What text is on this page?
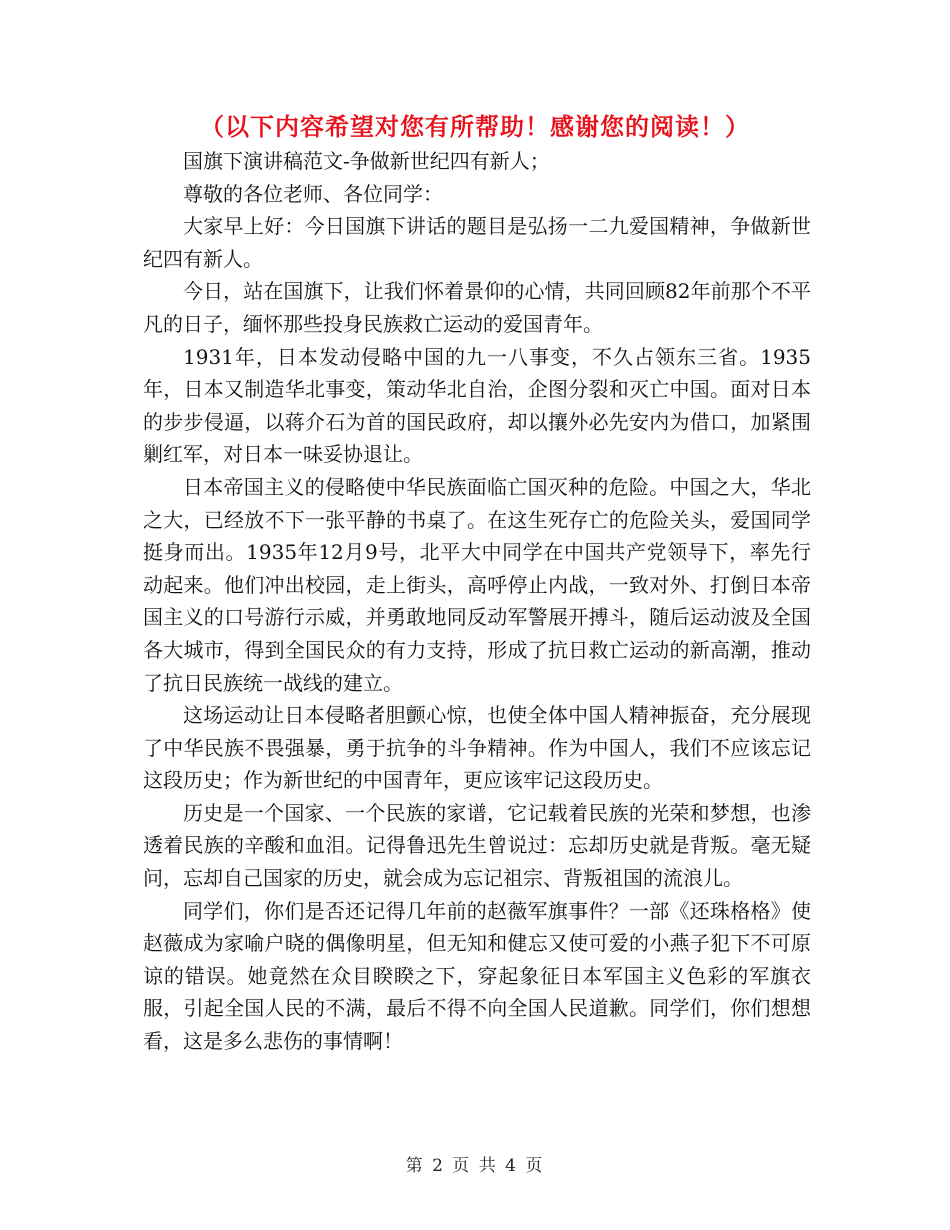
（以下内容希望对您有所帮助！感谢您的阅读！）

国旗下演讲稿范文-争做新世纪四有新人；

尊敬的各位老师、各位同学：

大家早上好：今日国旗下讲话的题目是弘扬一二九爱国精神，争做新世纪四有新人。

今日，站在国旗下，让我们怀着景仰的心情，共同回顾82年前那个不平凡的日子，缅怀那些投身民族救亡运动的爱国青年。

1931年，日本发动侵略中国的九一八事变，不久占领东三省。1935年，日本又制造华北事变，策动华北自治，企图分裂和灭亡中国。面对日本的步步侵逼，以蒋介石为首的国民政府，却以攘外必先安内为借口，加紧围剿红军，对日本一味妥协退让。

日本帝国主义的侵略使中华民族面临亡国灭种的危险。中国之大，华北之大，已经放不下一张平静的书桌了。在这生死存亡的危险关头，爱国同学挺身而出。1935年12月9号，北平大中同学在中国共产党领导下，率先行动起来。他们冲出校园，走上街头，高呼停止内战，一致对外、打倒日本帝国主义的口号游行示威，并勇敢地同反动军警展开搏斗，随后运动波及全国各大城市，得到全国民众的有力支持，形成了抗日救亡运动的新高潮，推动了抗日民族统一战线的建立。

这场运动让日本侵略者胆颤心惊，也使全体中国人精神振奋，充分展现了中华民族不畏强暴，勇于抗争的斗争精神。作为中国人，我们不应该忘记这段历史；作为新世纪的中国青年，更应该牢记这段历史。

历史是一个国家、一个民族的家谱，它记载着民族的光荣和梦想，也渗透着民族的辛酸和血泪。记得鲁迅先生曾说过：忘却历史就是背叛。毫无疑问，忘却自己国家的历史，就会成为忘记祖宗、背叛祖国的流浪儿。

同学们，你们是否还记得几年前的赵薇军旗事件？一部《还珠格格》使赵薇成为家喻户晓的偶像明星，但无知和健忘又使可爱的小燕子犯下不可原谅的错误。她竟然在众目睽睽之下，穿起象征日本军国主义色彩的军旗衣服，引起全国人民的不满，最后不得不向全国人民道歉。同学们，你们想想看，这是多么悲伤的事情啊！

第 2 页 共 4 页
